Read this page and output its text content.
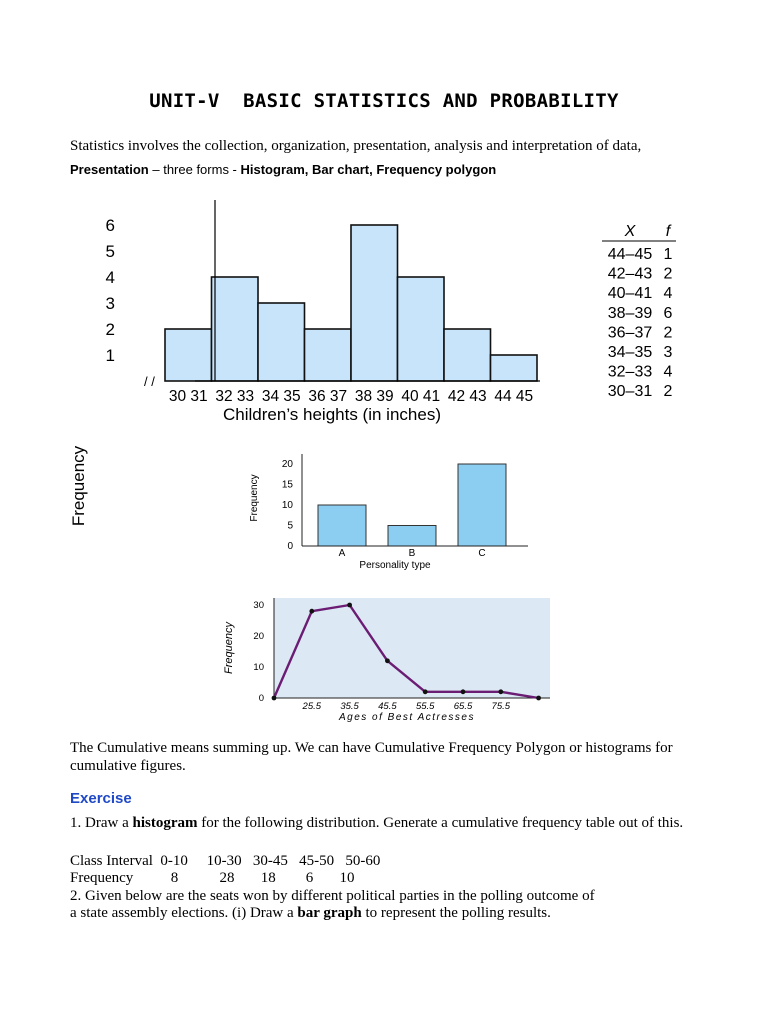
UNIT-V  BASIC STATISTICS AND PROBABILITY
Statistics involves the collection, organization, presentation, analysis and interpretation of data,
Presentation – three forms - Histogram, Bar chart, Frequency polygon
1
2
3
4
5
6
/ /
Frequency
30 31 32 33 34 35 36 37 38 39 40 41 42 43 44 45
Children’s heights (in inches)
X f
44–45 1
42–43 2
40–41 4
38–39 6
36–37 2
34–35 3
32–33 4
30–31 2
0
5
10
15
20
Frequency
A	B	C
Personality type
0
10
20
30
25.5 35.5 45.5 55.5 65.5 75.5
Frequency
Ages of Best Actresses
The Cumulative means summing up. We can have Cumulative Frequency Polygon or histograms for cumulative figures.
Exercise
1. Draw a histogram for the following distribution. Generate a cumulative frequency table out of this.
Class Interval  0-10     10-30   30-45   45-50   50-60
Frequency          8           28       18        6       10
2. Given below are the seats won by different political parties in the polling outcome of
a state assembly elections. (i) Draw a bar graph to represent the polling results.
